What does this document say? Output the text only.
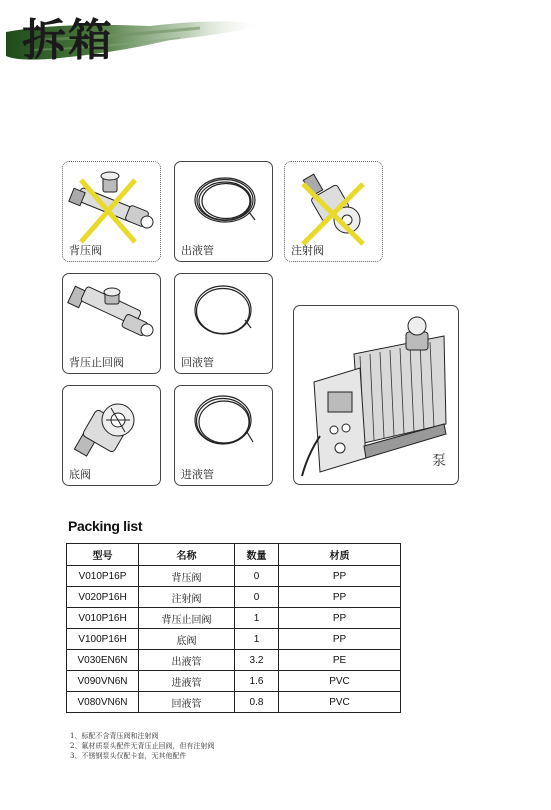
拆箱
背压阀	出液管	注射阀
背压止回阀	回液管
底阀	进液管
泵
Packing list
型号	名称	数量	材质
V010P16P	背压阀	0	PP
V020P16H	注射阀	0	PP
V010P16H	背压止回阀	1	PP
V100P16H	底阀	1	PP
V030EN6N	出液管	3.2	PE
V090VN6N	进液管	1.6	PVC
V080VN6N	回液管	0.8	PVC
1、标配不含背压阀和注射阀
2、氟材质泵头配件无背压止回阀，但有注射阀
3、不锈钢泵头仅配卡套，无其他配件
